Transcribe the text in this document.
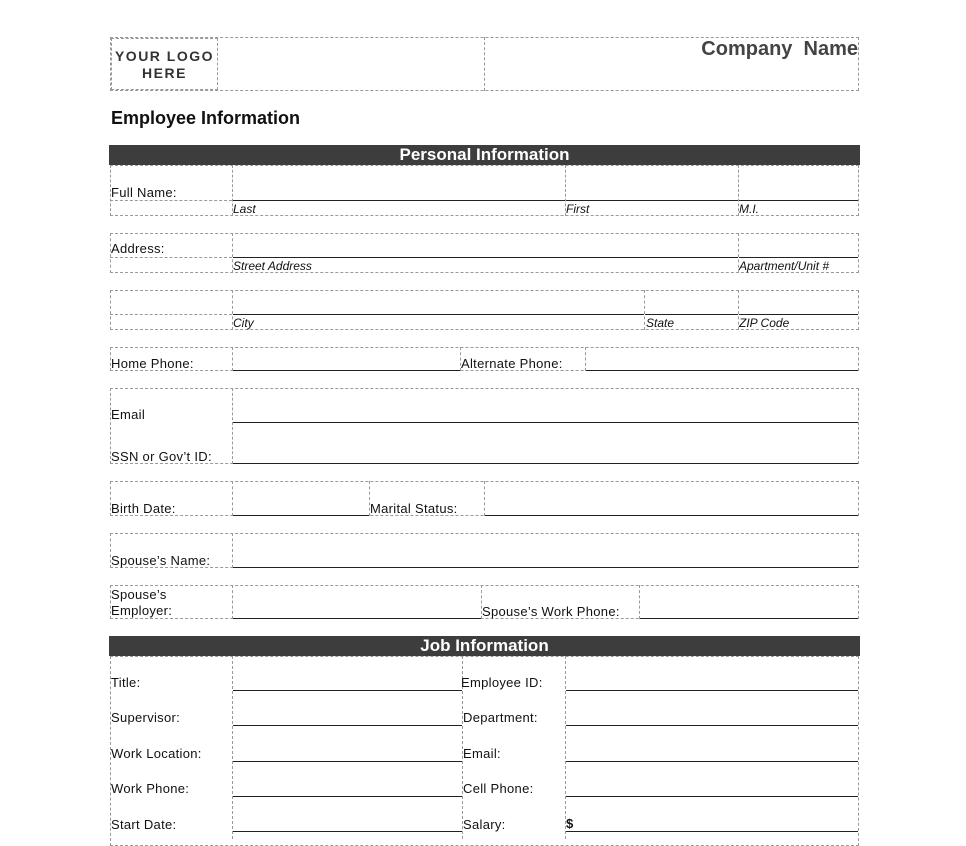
YOUR LOGO
HERE
Company  Name
Employee Information
Personal Information
Full Name:
Last	First	M.I.
Address:
Street Address	Apartment/Unit #
City	State	ZIP Code
Home Phone:	Alternate Phone:
Email
SSN or Gov’t ID:
Birth Date:	Marital Status:
Spouse’s Name:
Spouse’s
Employer:	Spouse’s Work Phone:
Job Information
Title:	Employee ID:
Supervisor:	Department:
Work Location:	Email:
Work Phone:	Cell Phone:
Start Date:	Salary:	$
